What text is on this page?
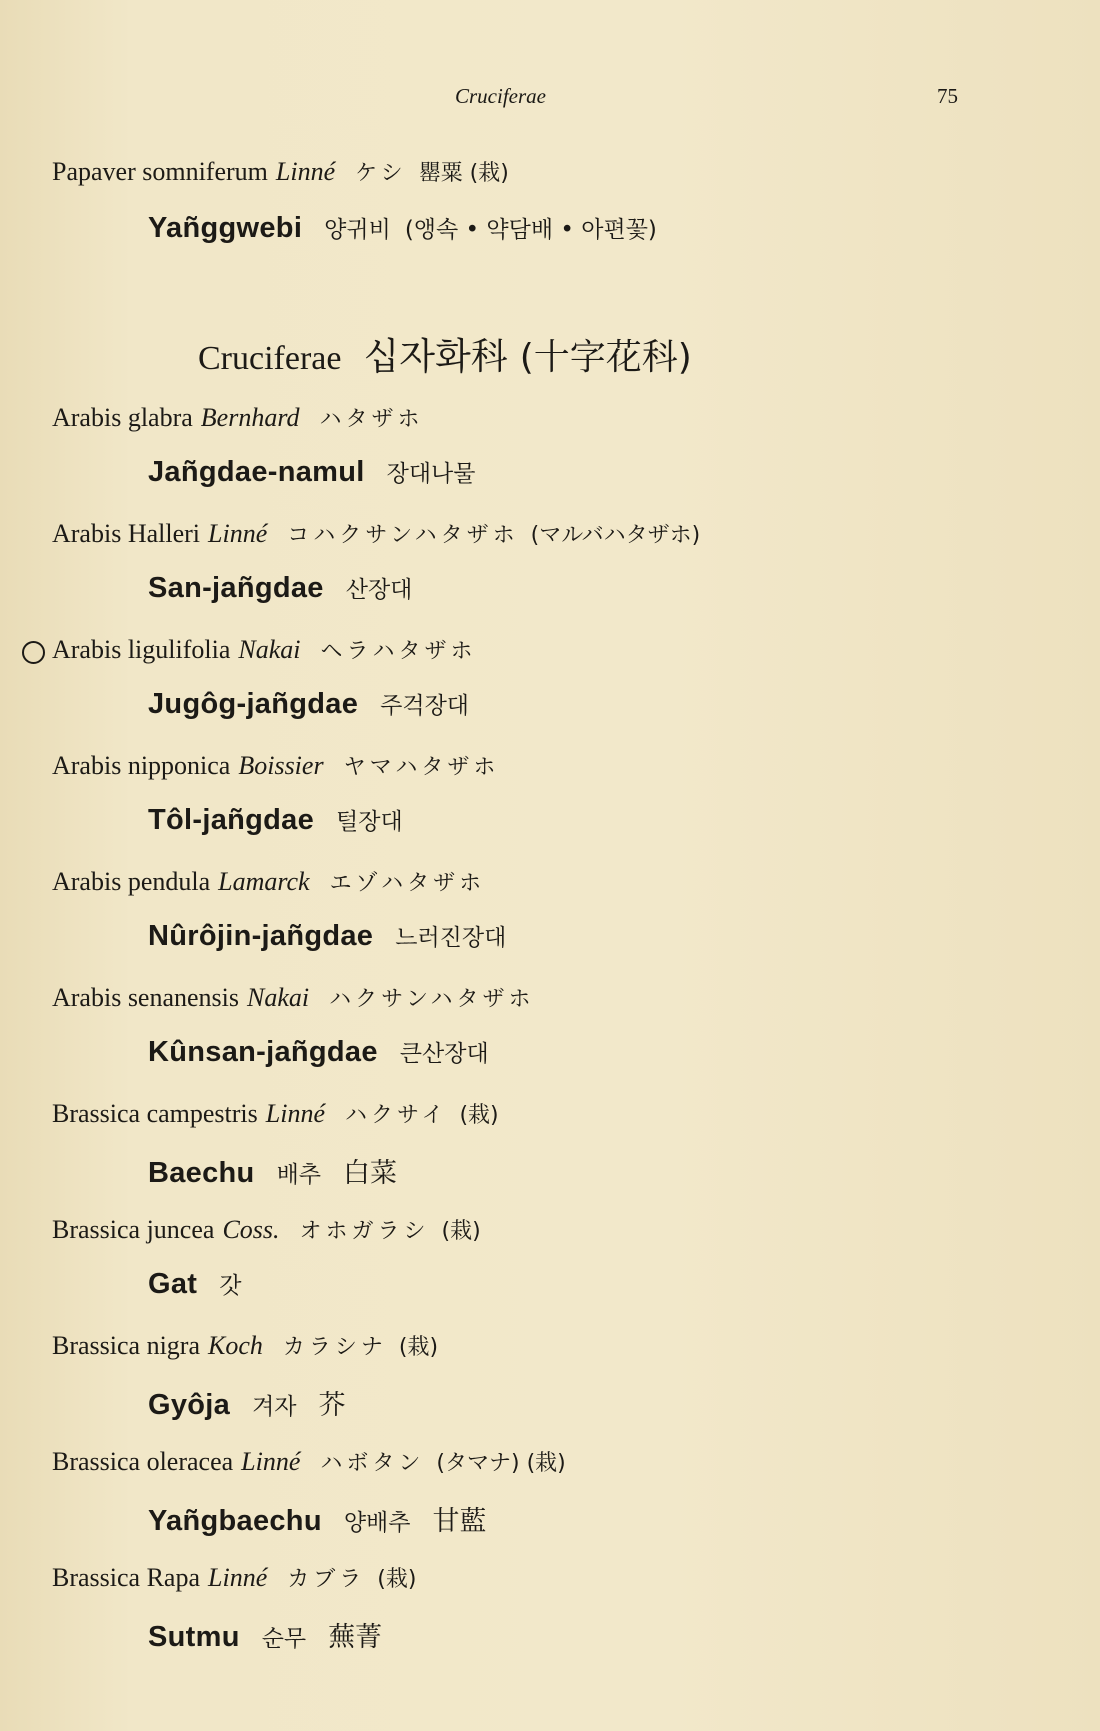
Cruciferae	75
Papaver somniferum Linné ケシ 罌粟 (栽)
Yañggwebi 양귀비 (앵속 • 약담배 • 아편꽃)
Cruciferae 십자화科 (十字花科)
Arabis glabra Bernhard ハタザホ
Jañgdae-namul 장대나물
Arabis Halleri Linné コハクサンハタザホ (マルバハタザホ)
San-jañgdae 산장대
Arabis ligulifolia Nakai ヘラハタザホ
Jugôg-jañgdae 주걱장대
Arabis nipponica Boissier ヤマハタザホ
Tôl-jañgdae 털장대
Arabis pendula Lamarck エゾハタザホ
Nûrôjin-jañgdae 느러진장대
Arabis senanensis Nakai ハクサンハタザホ
Kûnsan-jañgdae 큰산장대
Brassica campestris Linné ハクサイ (栽)
Baechu 배추 白菜
Brassica juncea Coss. オホガラシ (栽)
Gat 갓
Brassica nigra Koch カラシナ (栽)
Gyôja 겨자 芥
Brassica oleracea Linné ハボタン (タマナ) (栽)
Yañgbaechu 양배추 甘藍
Brassica Rapa Linné カブラ (栽)
Sutmu 순무 蕪菁
